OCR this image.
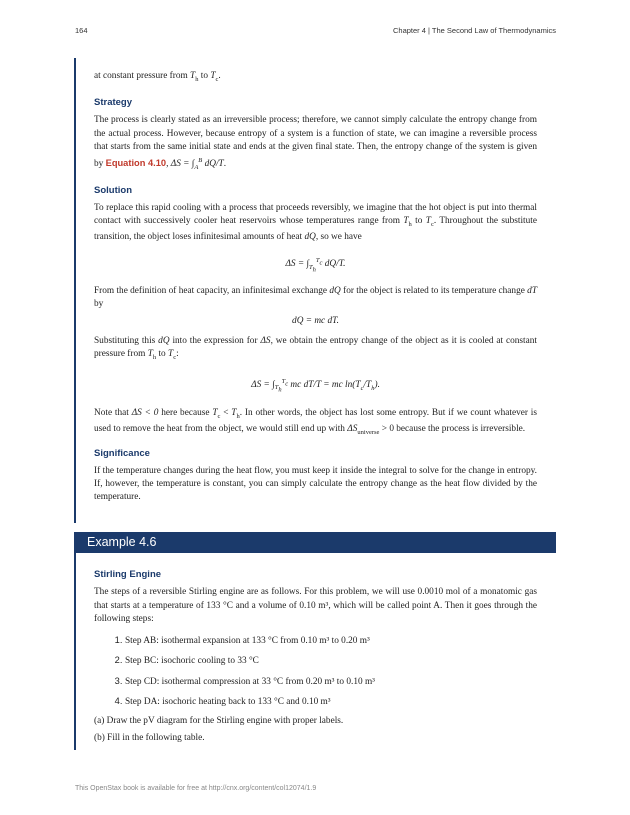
164	Chapter 4 | The Second Law of Thermodynamics

at constant pressure from $T_h$ to $T_c$.

Strategy

The process is clearly stated as an irreversible process; therefore, we cannot simply calculate the entropy change from the actual process. However, because entropy of a system is a function of state, we can imagine a reversible process that starts from the same initial state and ends at the given final state. Then, the entropy change of the system is given by Equation 4.10, $\Delta S = \int_A^B$ dQ/T.

Solution

To replace this rapid cooling with a process that proceeds reversibly, we imagine that the hot object is put into thermal contact with successively cooler heat reservoirs whose temperatures range from $T_h$ to $T_c$. Throughout the substitute transition, the object loses infinitesimal amounts of heat dQ, so we have

$\Delta S = \int_{T_h}^{T_c}$ dQ/T.

From the definition of heat capacity, an infinitesimal exchange dQ for the object is related to its temperature change dT by

dQ = mc dT.

Substituting this dQ into the expression for ΔS, we obtain the entropy change of the object as it is cooled at constant pressure from $T_h$ to $T_c$:

$\Delta S = \int_{T_h}^{T_c}$ mc dT/T = mc $\ln(T_c/T_h)$.

Note that ΔS < 0 here because $T_c < T_h$. In other words, the object has lost some entropy. But if we count whatever is used to remove the heat from the object, we would still end up with $\Delta S_{universe} > 0$ because the process is irreversible.

Significance

If the temperature changes during the heat flow, you must keep it inside the integral to solve for the change in entropy. If, however, the temperature is constant, you can simply calculate the entropy change as the heat flow divided by the temperature.

Example 4.6

Stirling Engine

The steps of a reversible Stirling engine are as follows. For this problem, we will use 0.0010 mol of a monatomic gas that starts at a temperature of 133 °C and a volume of 0.10 m³, which will be called point A. Then it goes through the following steps:

1. Step AB: isothermal expansion at 133 °C from 0.10 m³ to 0.20 m³
2. Step BC: isochoric cooling to 33 °C
3. Step CD: isothermal compression at 33 °C from 0.20 m³ to 0.10 m³
4. Step DA: isochoric heating back to 133 °C and 0.10 m³

(a) Draw the pV diagram for the Stirling engine with proper labels.

(b) Fill in the following table.

This OpenStax book is available for free at http://cnx.org/content/col12074/1.9
